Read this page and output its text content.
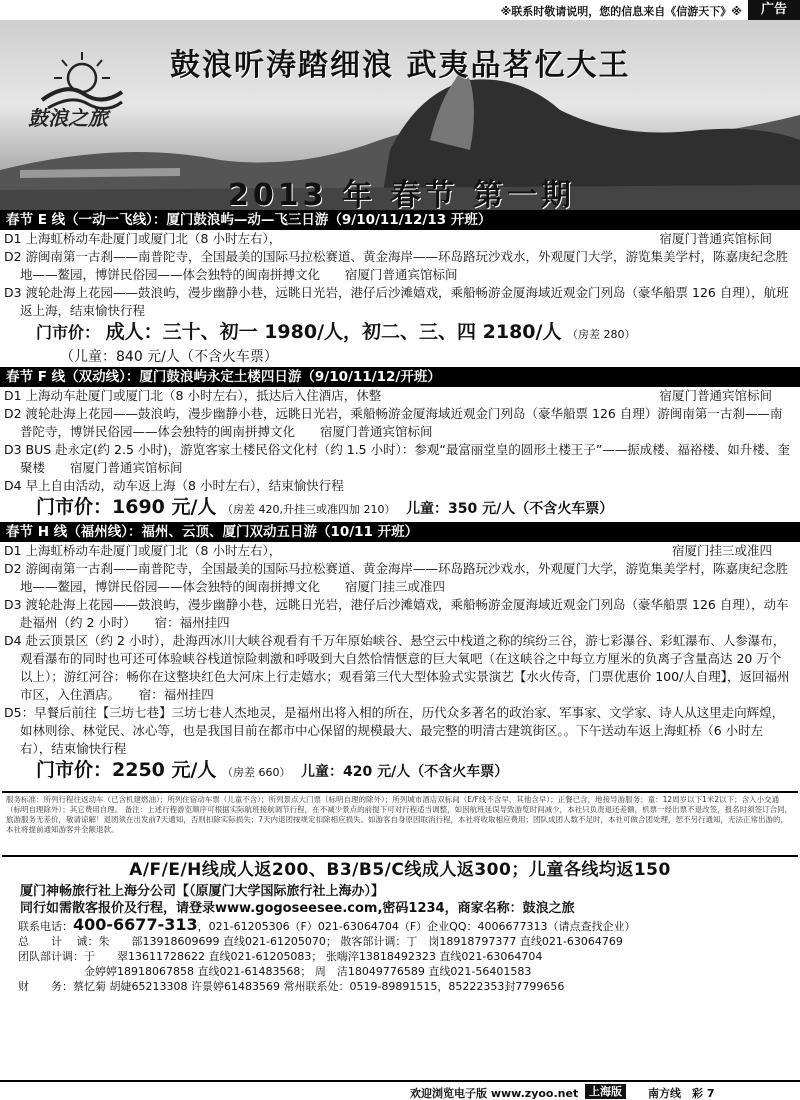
※联系时敬请说明，您的信息来自《信游天下》※	广告
鼓浪之旅
鼓浪听涛踏细浪 武夷品茗忆大王
2013 年 春节 第一期
春节 E 线（一动一飞线）：厦门鼓浪屿—动—飞三日游（9/10/11/12/13 开班）
D1 上海虹桥动车赴厦门或厦门北（8 小时左右），	宿厦门普通宾馆标间
D2 游闽南第一古刹——南普陀寺，全国最美的国际马拉松赛道、黄金海岸——环岛路玩沙戏水，外观厦门大学，游览集美学村，陈嘉庚纪念胜地——鳌园，博饼民俗园——体会独特的闽南拼搏文化　　 宿厦门普通宾馆标间
D3 渡轮赴海上花园——鼓浪屿，漫步幽静小巷，远眺日光岩，港仔后沙滩嬉戏，乘船畅游金厦海域近观金门列岛（豪华船票 126 自理），航班返上海，结束愉快行程
门市价： 成人：三十、初一 1980/人，初二、三、四 2180/人 （房差 280）
（儿童：840 元/人（不含火车票）
春节 F 线（双动线）：厦门鼓浪屿永定土楼四日游（9/10/11/12/开班）
D1 上海动车赴厦门或厦门北（8 小时左右），抵达后入住酒店，休整	宿厦门普通宾馆标间
D2 渡轮赴海上花园——鼓浪屿，漫步幽静小巷，远眺日光岩，乘船畅游金厦海域近观金门列岛（豪华船票 126 自理）游闽南第一古刹——南普陀寺，博饼民俗园——体会独特的闽南拼搏文化　　 宿厦门普通宾馆标间
D3 BUS 赴永定(约 2.5 小时)，游览客家土楼民俗文化村（约 1.5 小时）：参观“最富丽堂皇的圆形土楼王子”——振成楼、福裕楼、如升楼、奎聚楼　　 宿厦门普通宾馆标间
D4 早上自由活动，动车返上海（8 小时左右），结束愉快行程
门市价：1690 元/人 （房差 420,升挂三或准四加 210）　 儿童：350 元/人（不含火车票）
春节 H 线（福州线）：福州、云顶、厦门双动五日游（10/11 开班）
D1 上海虹桥动车赴厦门或厦门北（8 小时左右），	宿厦门挂三或准四
D2 游闽南第一古刹——南普陀寺，全国最美的国际马拉松赛道、黄金海岸——环岛路玩沙戏水，外观厦门大学，游览集美学村，陈嘉庚纪念胜地——鳌园，博饼民俗园——体会独特的闽南拼搏文化　　 宿厦门挂三或准四
D3 渡轮赴海上花园——鼓浪屿，漫步幽静小巷，远眺日光岩，港仔后沙滩嬉戏，乘船畅游金厦海域近观金门列岛（豪华船票 126 自理），动车赴福州（约 2 小时）　　 宿：福州挂四
D4 赴云顶景区（约 2 小时），赴海西冰川大峡谷观看有千万年原始峡谷、悬空云中栈道之称的缤纷三谷，游七彩瀑谷、彩虹瀑布、人参瀑布，观看瀑布的同时也可还可体验峡谷栈道惊险刺激和呼吸到大自然恰情惬意的巨大氧吧（在这峡谷之中每立方厘米的负离子含量高达 20 万个以上）；游红河谷：畅你在这整块红色大河床上行走嬉水；观看第三代大型体验式实景演艺【水火传奇，门票优惠价 100/人自理】，返回福州市区，入住酒店。　　 宿：福州挂四
D5：早餐后前往【三坊七巷】三坊七巷人杰地灵，是福州出将入相的所在，历代众多著名的政治家、军事家、文学家、诗人从这里走向辉煌，如林则徐、林觉民、冰心等，也是我国目前在都市中心保留的规模最大、最完整的明清古建筑街区。。下午送动车返上海虹桥（6 小时左右），结束愉快行程
门市价：2250 元/人 （房差 660）　 儿童：420 元/人（不含火车票）
服务标准：所列行程往返动车（已含机建燃油）；所列住宿动车票（儿童不含）；所列景点大门票（标明自理的除外）；所列城市酒店双标间（E/F线不含早，其他含早）；正餐已含，地接导游服务；童：12周岁以下1米2以下；含入小交通（标明自理除外）；其它费用自理。 备注：上述行程游览顺序可根据实际航班接航调节行程，在不减少景点的前提下可对行程适当调整，如因航班延误导致游览时间减少，本社只负责退还差额，机票一经出票不退改签，报名时须签订合同，旅游服务无差价，敬请谅解！退团须在出发前7天通知，否则扣除实际损失；7天内退团按规定扣除相应损失。如游客自身原因取消行程，本社将收取相应费用；团队成团人数不足时，本社可做合团处理，恕不另行通知，无法正常出游的，本社将提前通知游客并全额退款。
A/F/E/H线成人返200、B3/B5/C线成人返300；儿童各线均返150
厦门神畅旅行社上海分公司【（原厦门大学国际旅行社上海办）】
同行如需散客报价及行程，请登录www.gogoseesee.com,密码1234，商家名称：鼓浪之旅
联系电话：400-6677-313，021-61205306（F）021-63064704（F）企业QQ：4006677313（请点查找企业）
总　　计　 诚：朱　　部13918609699 直线021-61205070； 散客部计调：丁　岗18918797377 直线021-63064769
团队部计调：于　　翠13611728622 直线021-61205083； 张嗨淬13818492323 直线021-63064704
　　　　　　金婷婷18918067858 直线021-61483568； 周　洁18049776589 直线021-56401583
财　　务：蔡忆菊 胡婕65213308 许景婷61483569 常州联系处：0519-89891515，85222353封7799656
欢迎浏览电子版 www.zyoo.net 上海版	南方线　彩 7
